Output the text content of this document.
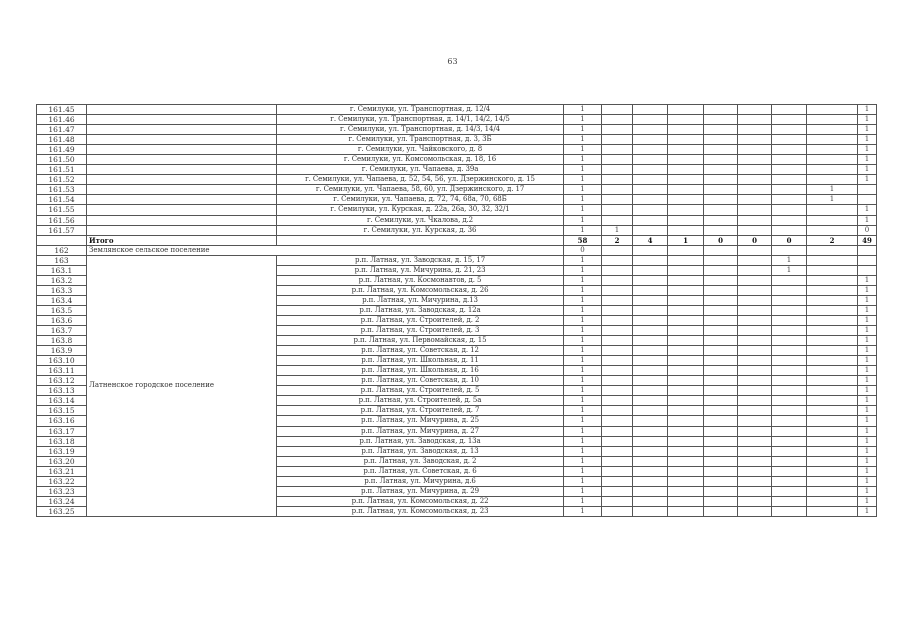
63
161.45		г. Семилуки, ул. Транспортная, д. 12/4	1								1
161.46		г. Семилуки, ул. Транспортная, д. 14/1, 14/2, 14/5	1								1
161.47		г. Семилуки, ул. Транспортная, д. 14/3, 14/4	1								1
161.48		г. Семилуки, ул. Транспортная, д. 3, 3Б	1								1
161.49		г. Семилуки, ул. Чайковского, д. 8	1								1
161.50		г. Семилуки, ул. Комсомольская, д. 18, 16	1								1
161.51		г. Семилуки, ул. Чапаева, д. 39а	1								1
161.52		г. Семилуки, ул. Чапаева, д. 52, 54, 56, ул. Дзержинского, д. 15	1								1
161.53		г. Семилуки, ул. Чапаева, 58, 60, ул. Дзержинского, д. 17	1							1	
161.54		г. Семилуки, ул. Чапаева, д. 72, 74, 68а, 70, 68Б	1							1	
161.55		г. Семилуки, ул. Курская, д. 22а, 26а, 30, 32, 32/1	1								1
161.56		г. Семилуки, ул. Чкалова, д.2	1								1
161.57		г. Семилуки, ул. Курская, д. 36	1	1							0
	Итого		58	2	4	1	0	0	0	2	49
162	Землянское сельское поселение		0								
163	Латненское городское поселение	р.п. Латная, ул. Заводская, д. 15, 17	1						1		
163.1		р.п. Латная, ул. Мичурина, д. 21, 23	1						1		
163.2		р.п. Латная, ул. Космонавтов, д. 5	1								1
163.3		р.п. Латная, ул. Комсомольская, д. 26	1								1
163.4		р.п. Латная, ул. Мичурина, д.13	1								1
163.5		р.п. Латная, ул. Заводская, д. 12а	1								1
163.6		р.п. Латная, ул. Строителей, д. 2	1								1
163.7		р.п. Латная, ул. Строителей, д. 3	1								1
163.8		р.п. Латная, ул. Первомайская, д. 15	1								1
163.9		р.п. Латная, ул. Советская, д. 12	1								1
163.10		р.п. Латная, ул. Школьная, д. 11	1								1
163.11		р.п. Латная, ул. Школьная, д. 16	1								1
163.12		р.п. Латная, ул. Советская, д. 10	1								1
163.13		р.п. Латная, ул. Строителей, д. 5	1								1
163.14		р.п. Латная, ул. Строителей, д. 5а	1								1
163.15		р.п. Латная, ул. Строителей, д. 7	1								1
163.16		р.п. Латная, ул. Мичурина, д. 25	1								1
163.17		р.п. Латная, ул. Мичурина, д. 27	1								1
163.18		р.п. Латная, ул. Заводская, д. 13а	1								1
163.19		р.п. Латная, ул. Заводская, д. 13	1								1
163.20		р.п. Латная, ул. Заводская, д. 2	1								1
163.21		р.п. Латная, ул. Советская, д. 6	1								1
163.22		р.п. Латная, ул. Мичурина, д.6	1								1
163.23		р.п. Латная, ул. Мичурина, д. 29	1								1
163.24		р.п. Латная, ул. Комсомольская, д. 22	1								1
163.25		р.п. Латная, ул. Комсомольская, д. 23	1								1
